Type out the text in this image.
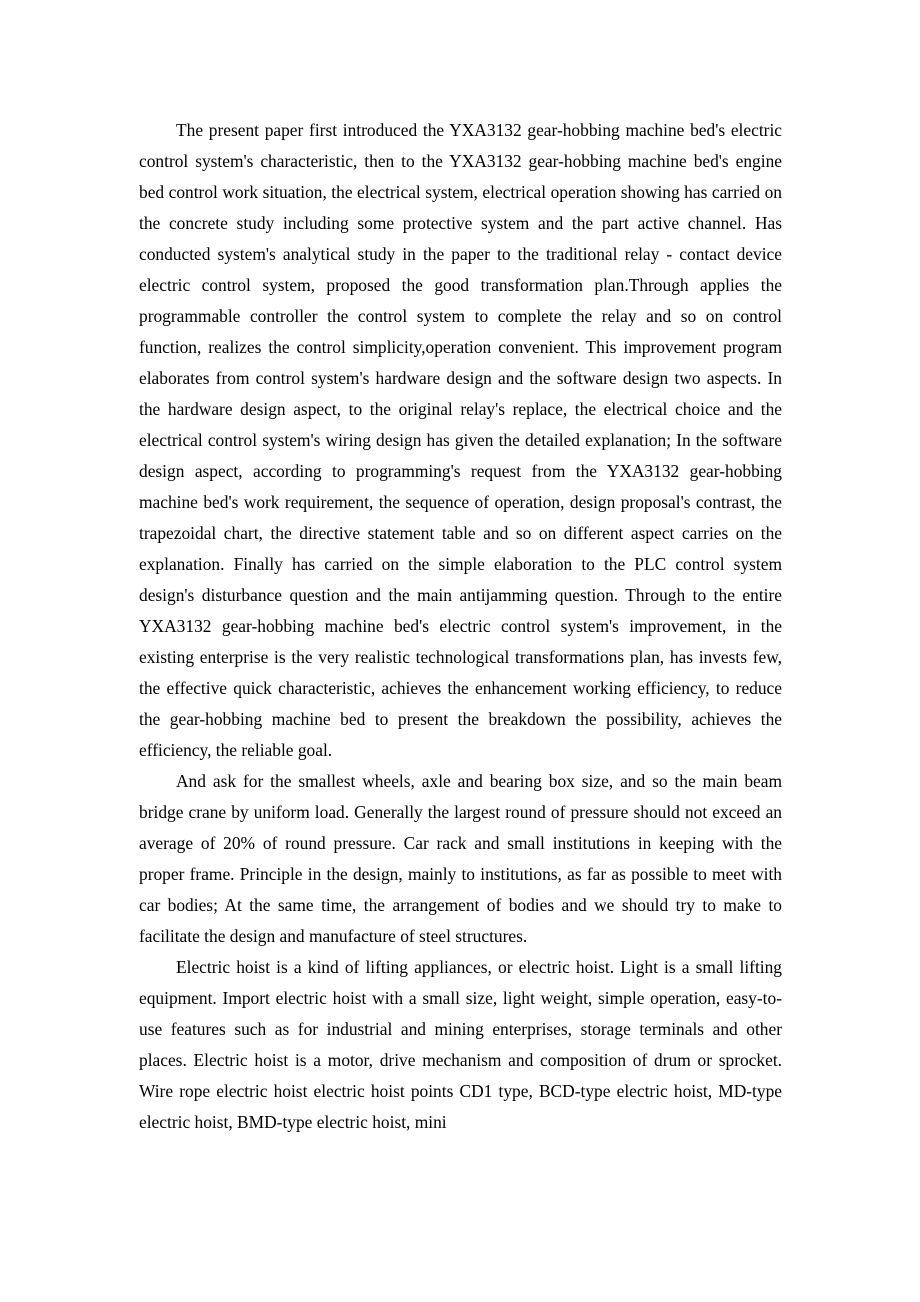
The present paper first introduced the YXA3132 gear-hobbing machine bed's electric control system's characteristic, then to the YXA3132 gear-hobbing machine bed's engine bed control work situation, the electrical system, electrical operation showing has carried on the concrete study including some protective system and the part active channel. Has conducted system's analytical study in the paper to the traditional relay - contact device electric control system, proposed the good transformation plan.Through applies the programmable controller the control system to complete the relay and so on control function, realizes the control simplicity,operation convenient. This improvement program elaborates from control system's hardware design and the software design two aspects. In the hardware design aspect, to the original relay's replace, the electrical choice and the electrical control system's wiring design has given the detailed explanation; In the software design aspect, according to programming's request from the YXA3132 gear-hobbing machine bed's work requirement, the sequence of operation, design proposal's contrast, the trapezoidal chart, the directive statement table and so on different aspect carries on the explanation. Finally has carried on the simple elaboration to the PLC control system design's disturbance question and the main antijamming question. Through to the entire YXA3132 gear-hobbing machine bed's electric control system's improvement, in the existing enterprise is the very realistic technological transformations plan, has invests few, the effective quick characteristic, achieves the enhancement working efficiency, to reduce the gear-hobbing machine bed to present the breakdown the possibility, achieves the efficiency, the reliable goal.

And ask for the smallest wheels, axle and bearing box size, and so the main beam bridge crane by uniform load. Generally the largest round of pressure should not exceed an average of 20% of round pressure. Car rack and small institutions in keeping with the proper frame. Principle in the design, mainly to institutions, as far as possible to meet with car bodies; At the same time, the arrangement of bodies and we should try to make to facilitate the design and manufacture of steel structures.

Electric hoist is a kind of lifting appliances, or electric hoist. Light is a small lifting equipment. Import electric hoist with a small size, light weight, simple operation, easy-to-use features such as for industrial and mining enterprises, storage terminals and other places. Electric hoist is a motor, drive mechanism and composition of drum or sprocket. Wire rope electric hoist electric hoist points CD1 type, BCD-type electric hoist, MD-type electric hoist, BMD-type electric hoist, mini
